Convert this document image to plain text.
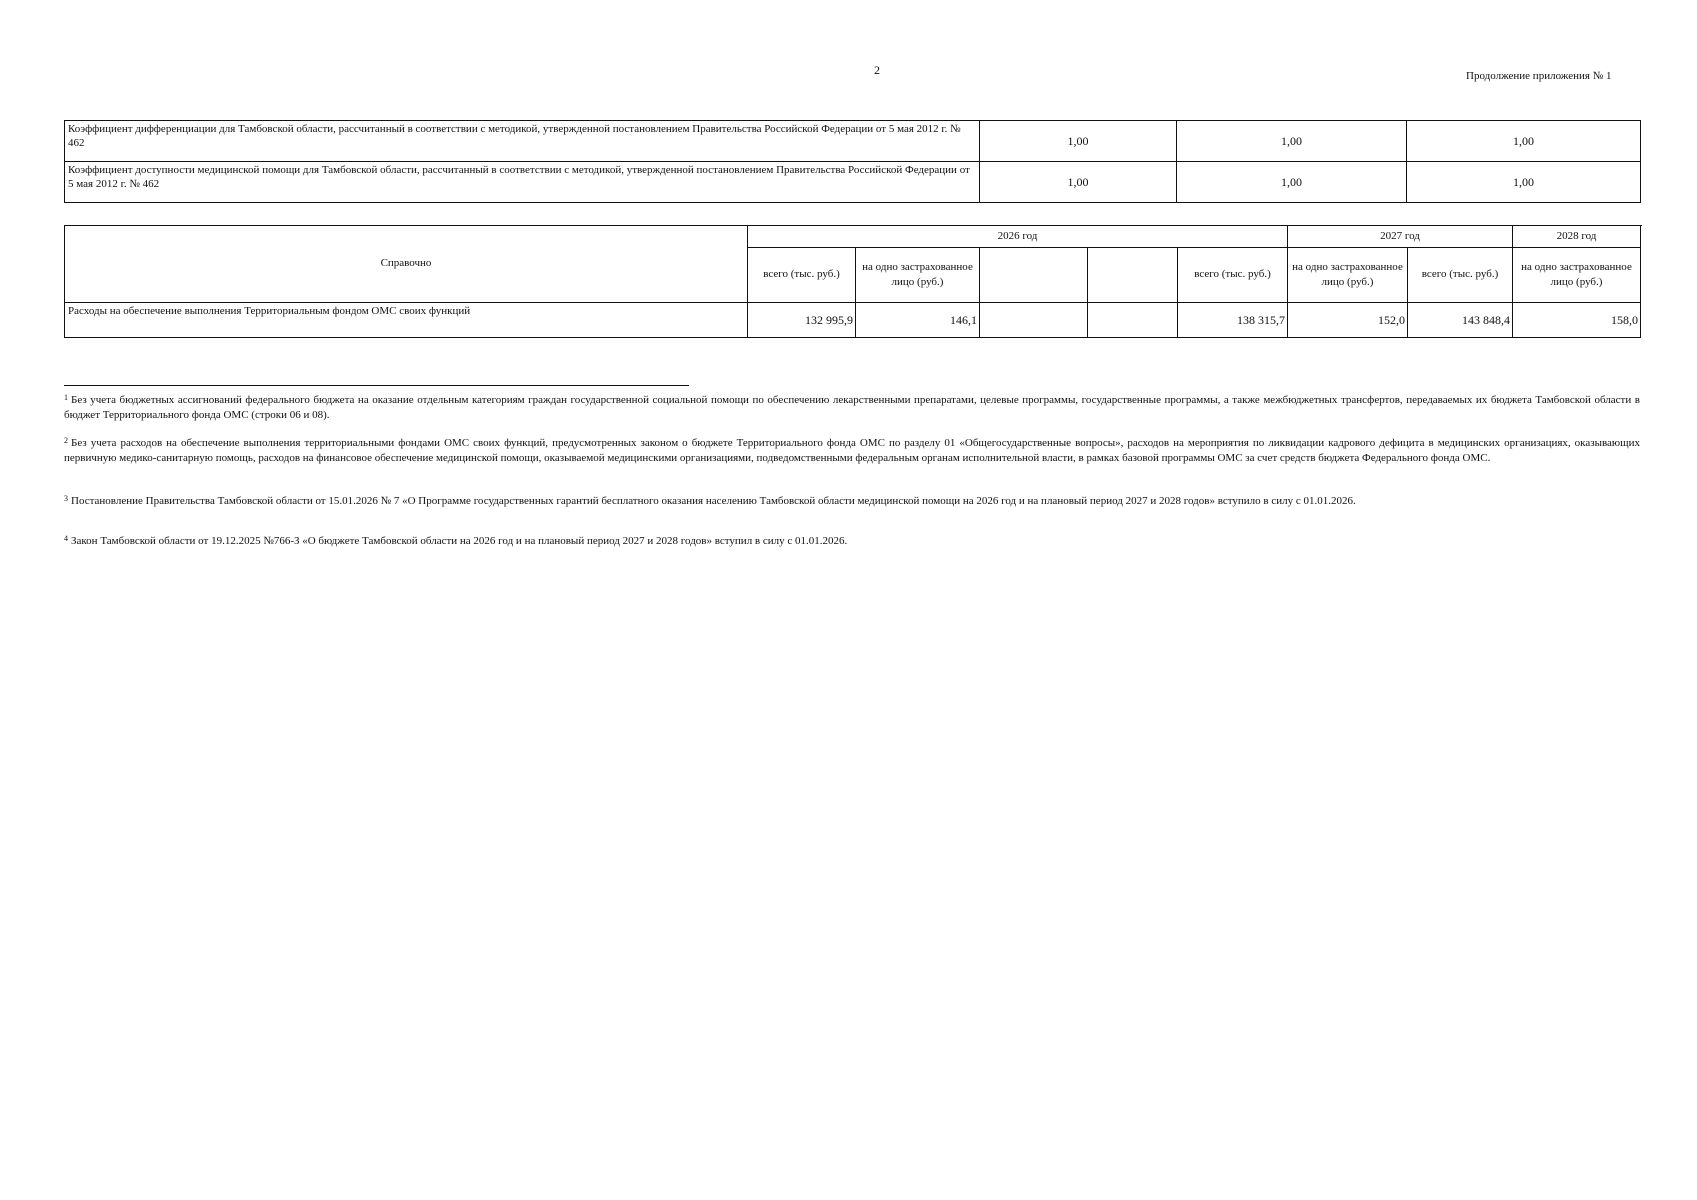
2	Продолжение приложения № 1
Коэффициент дифференциации для Тамбовской области, рассчитанный в соответствии с методикой, утвержденной постановлением Правительства Российской Федерации от 5 мая 2012 г. № 462	1,00	1,00	1,00
Коэффициент доступности медицинской помощи для Тамбовской области, рассчитанный в соответствии с методикой, утвержденной постановлением Правительства Российской Федерации от 5 мая 2012 г. № 462	1,00	1,00	1,00
Справочно	2026 год					2027 год		2028 год
	всего (тыс. руб.)	на одно застрахованное лицо (руб.)			всего (тыс. руб.)	на одно застрахованное лицо (руб.)	всего (тыс. руб.)	на одно застрахованное лицо (руб.)
Расходы на обеспечение выполнения Территориальным фондом ОМС своих функций	132 995,9	146,1			138 315,7	152,0	143 848,4	158,0
$^1$ Без учета бюджетных ассигнований федерального бюджета на оказание отдельным категориям граждан государственной социальной помощи по обеспечению лекарственными препаратами, целевые программы, государственные программы, а также межбюджетных трансфертов, передаваемых их бюджета Тамбовской области в бюджет Территориального фонда ОМС (строки 06 и 08).
$^2$ Без учета расходов на обеспечение выполнения территориальными фондами ОМС своих функций, предусмотренных законом о бюджете Территориального фонда ОМС по разделу 01 «Общегосударственные вопросы», расходов на мероприятия по ликвидации кадрового дефицита в медицинских организациях, оказывающих первичную медико-санитарную помощь, расходов на финансовое обеспечение медицинской помощи, оказываемой медицинскими организациями, подведомственными федеральным органам исполнительной власти, в рамках базовой программы ОМС за счет средств бюджета Федерального фонда ОМС.
$^3$ Постановление Правительства Тамбовской области от 15.01.2026 № 7 «О Программе государственных гарантий бесплатного оказания населению Тамбовской области медицинской помощи на 2026 год и на плановый период 2027 и 2028 годов» вступило в силу с 01.01.2026.
$^4$ Закон Тамбовской области от 19.12.2025 №766-З «О бюджете Тамбовской области на 2026 год и на плановый период 2027 и 2028 годов» вступил в силу с 01.01.2026.
